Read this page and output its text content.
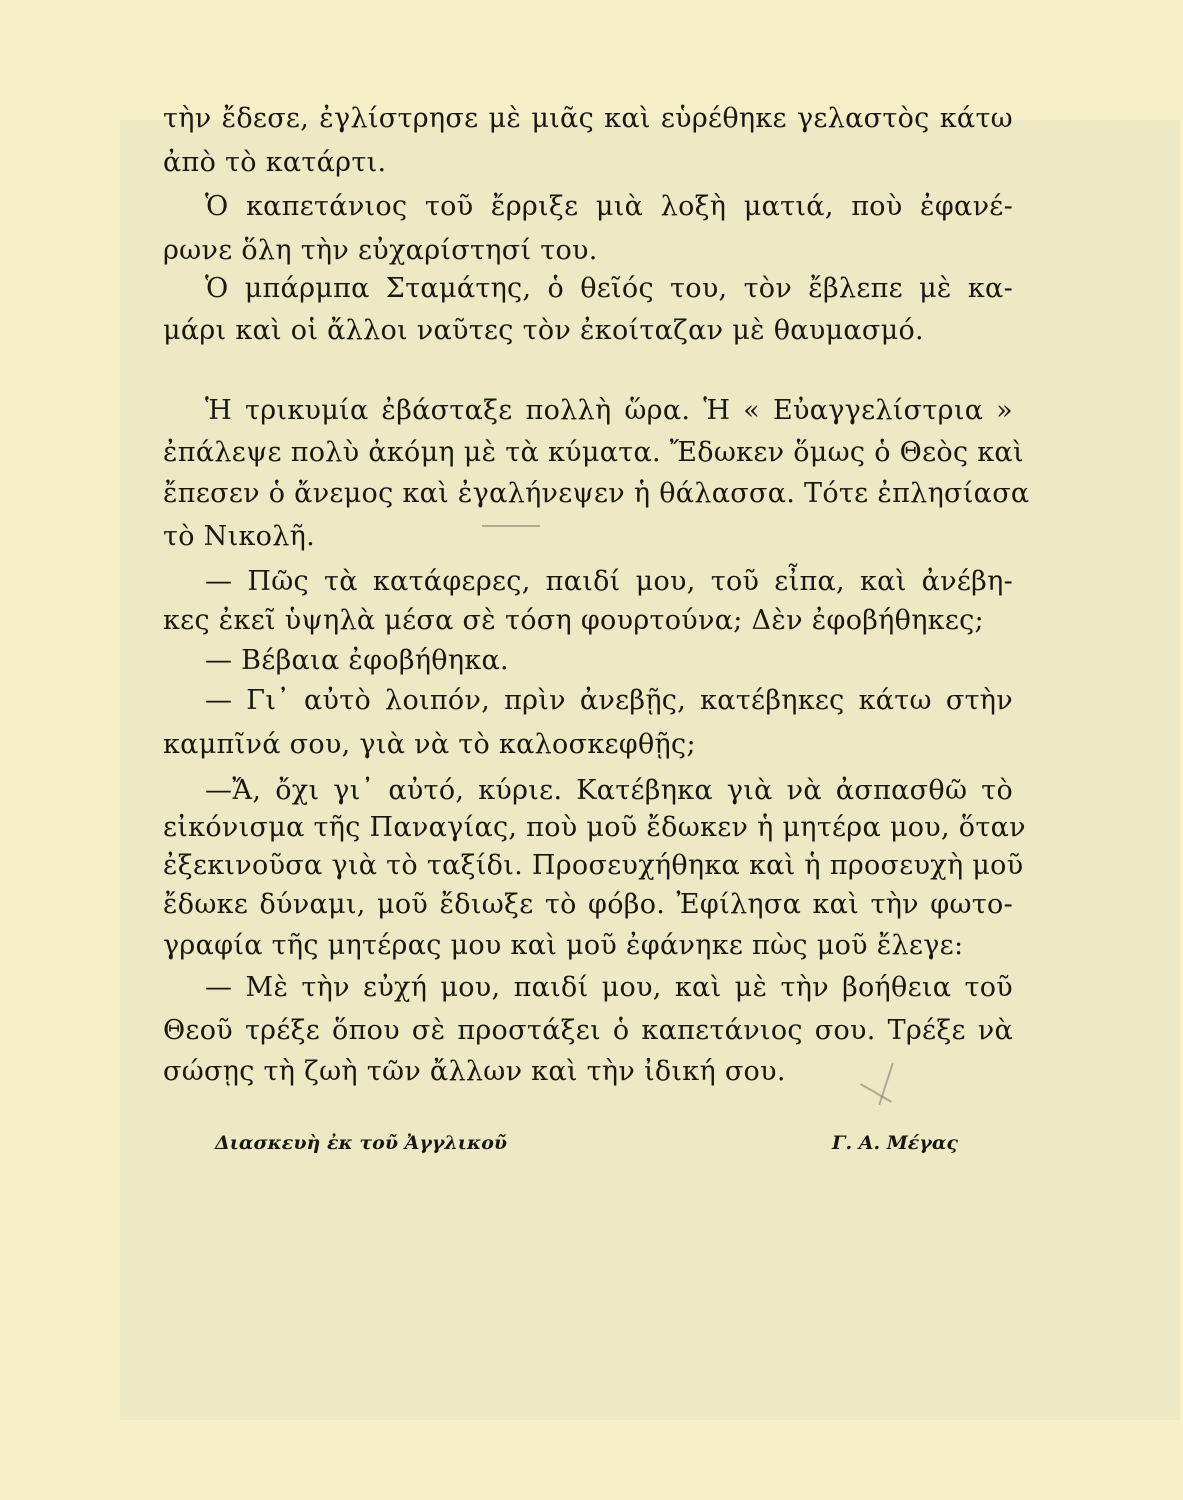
τὴν ἔδεσε, ἐγλίστρησε μὲ μιᾶς καὶ εὑρέθηκε γελαστὸς κάτω
ἀπὸ τὸ κατάρτι.
Ὁ καπετάνιος τοῦ ἔρριξε μιὰ λοξὴ ματιά, ποὺ ἐφανέ-
ρωνε ὅλη τὴν εὐχαρίστησί του.
Ὁ μπάρμπα Σταμάτης, ὁ θεῖός του, τὸν ἔβλεπε μὲ κα-
μάρι καὶ οἱ ἄλλοι ναῦτες τὸν ἐκοίταζαν μὲ θαυμασμό.
Ἡ τρικυμία ἐβάσταξε πολλὴ ὥρα. Ἡ « Εὐαγγελίστρια »
ἐπάλεψε πολὺ ἀκόμη μὲ τὰ κύματα. Ἔδωκεν ὅμως ὁ Θεὸς καὶ
ἔπεσεν ὁ ἄνεμος καὶ ἐγαλήνεψεν ἡ θάλασσα. Τότε ἐπλησίασα
τὸ Νικολῆ.
— Πῶς τὰ κατάφερες, παιδί μου, τοῦ εἶπα, καὶ ἀνέβη-
κες ἐκεῖ ὑψηλὰ μέσα σὲ τόση φουρτούνα; Δὲν ἐφοβήθηκες;
— Βέβαια ἐφοβήθηκα.
— Γι᾿ αὐτὸ λοιπόν, πρὶν ἀνεβῇς, κατέβηκες κάτω στὴν
καμπῖνά σου, γιὰ νὰ τὸ καλοσκεφθῇς;
—Ἄ, ὄχι γι᾿ αὐτό, κύριε. Κατέβηκα γιὰ νὰ ἀσπασθῶ τὸ
εἰκόνισμα τῆς Παναγίας, ποὺ μοῦ ἔδωκεν ἡ μητέρα μου, ὅταν
ἐξεκινοῦσα γιὰ τὸ ταξίδι. Προσευχήθηκα καὶ ἡ προσευχὴ μοῦ
ἔδωκε δύναμι, μοῦ ἔδιωξε τὸ φόβο. Ἐφίλησα καὶ τὴν φωτο-
γραφία τῆς μητέρας μου καὶ μοῦ ἐφάνηκε πὼς μοῦ ἔλεγε:
— Μὲ τὴν εὐχή μου, παιδί μου, καὶ μὲ τὴν βοήθεια τοῦ
Θεοῦ τρέξε ὅπου σὲ προστάξει ὁ καπετάνιος σου. Τρέξε νὰ
σώσῃς τὴ ζωὴ τῶν ἄλλων καὶ τὴν ἰδική σου.
Διασκευὴ ἐκ τοῦ Ἀγγλικοῦ	Γ. Α. Μέγας
